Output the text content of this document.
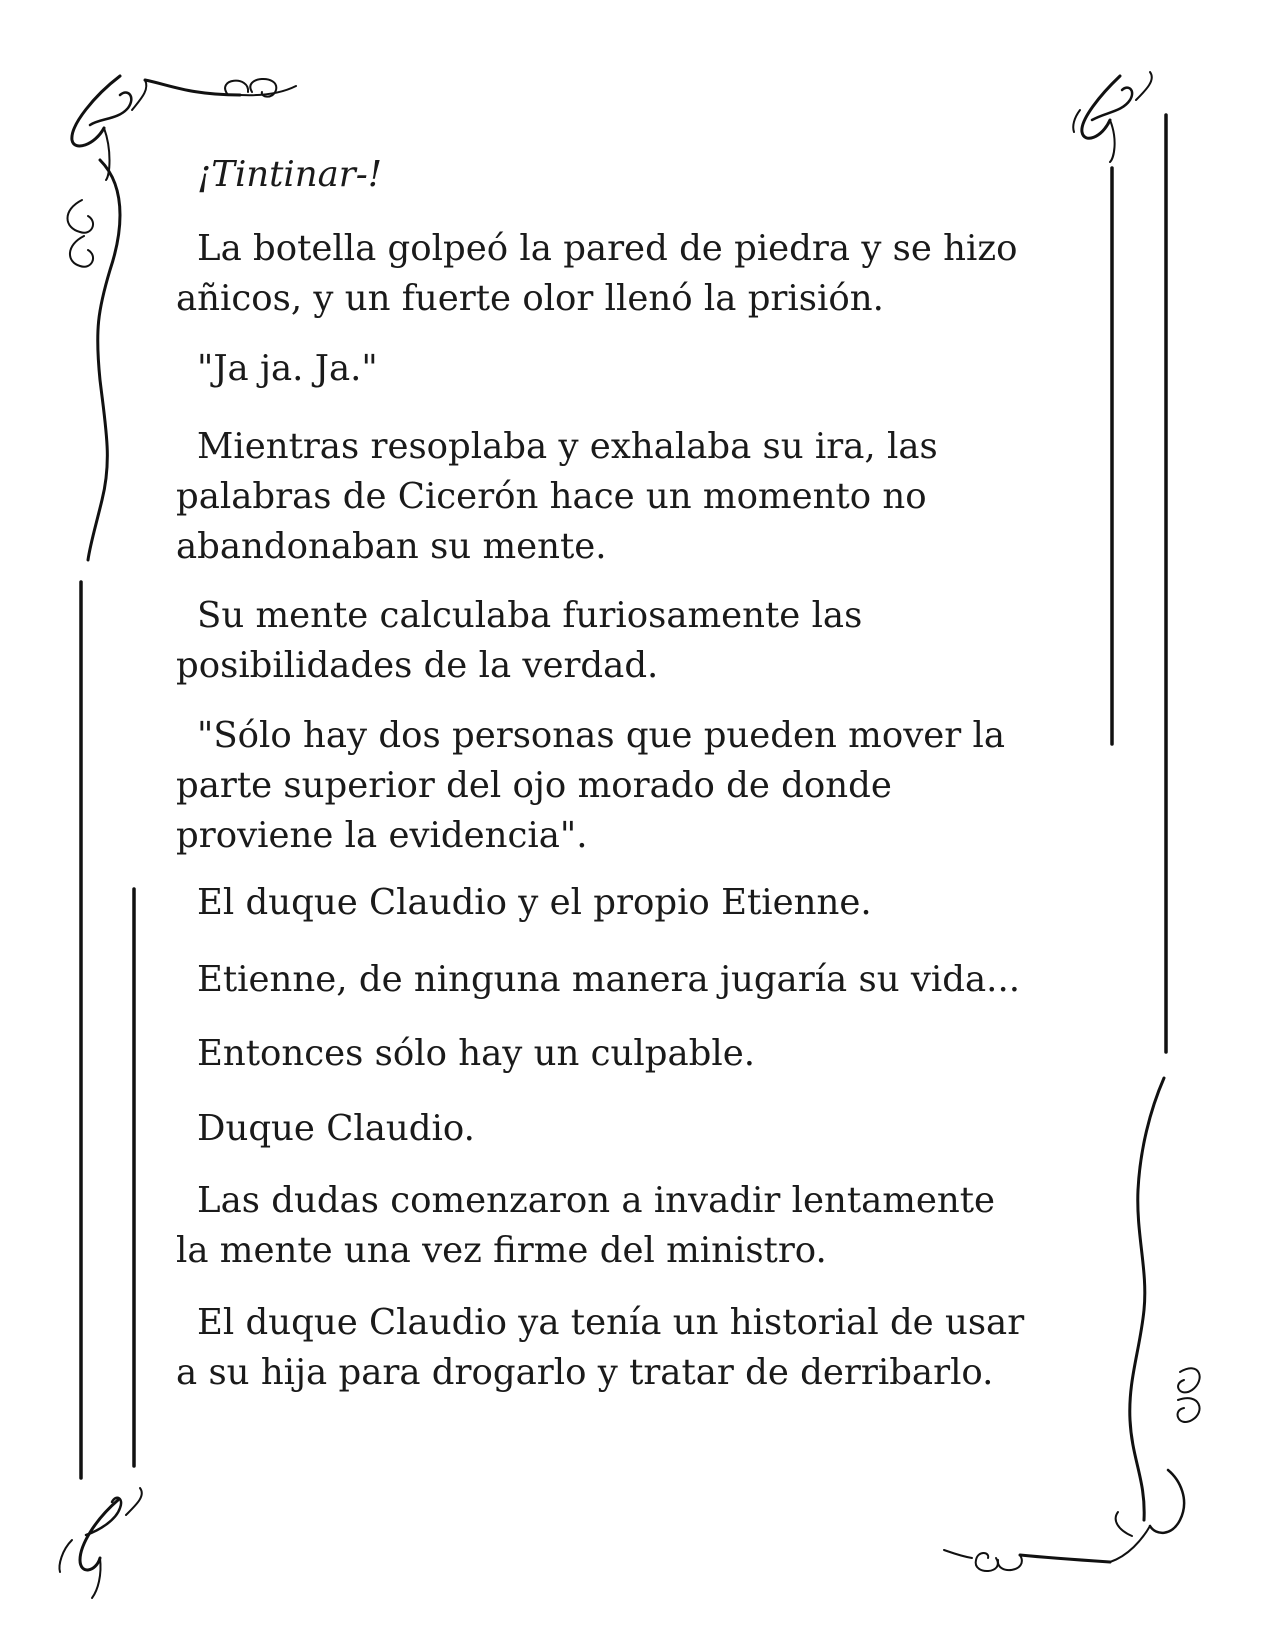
¡Tintinar-!

La botella golpeó la pared de piedra y se hizo
añicos, y un fuerte olor llenó la prisión.

"Ja ja. Ja."

Mientras resoplaba y exhalaba su ira, las
palabras de Cicerón hace un momento no
abandonaban su mente.

Su mente calculaba furiosamente las
posibilidades de la verdad.

"Sólo hay dos personas que pueden mover la
parte superior del ojo morado de donde
proviene la evidencia".

El duque Claudio y el propio Etienne.

Etienne, de ninguna manera jugaría su vida...

Entonces sólo hay un culpable.

Duque Claudio.

Las dudas comenzaron a invadir lentamente
la mente una vez firme del ministro.

El duque Claudio ya tenía un historial de usar
a su hija para drogarlo y tratar de derribarlo.
